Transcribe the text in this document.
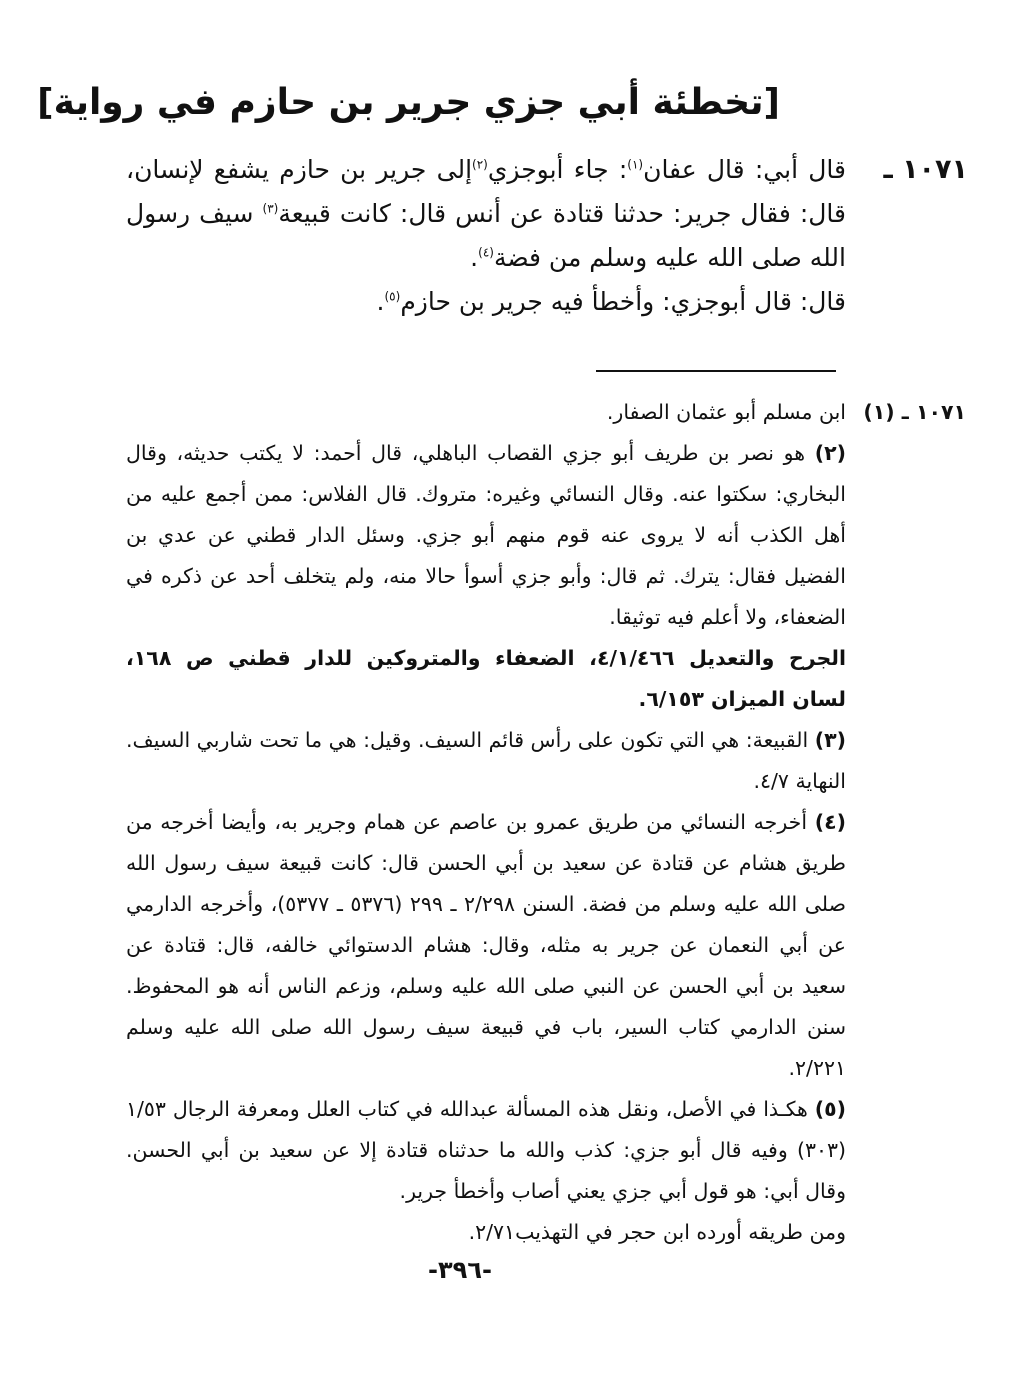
[تخطئة أبي جزي جرير بن حازم في رواية]
١٠٧١ ـ

قال أبي: قال عفان$^{(١)}$: جاء أبوجزي$^{(٢)}$إلى جرير بن حازم يشفع لإنسان، قال: فقال جرير: حدثنا قتادة عن أنس قال: كانت قبيعة$^{(٣)}$ سيف رسول الله صلى الله عليه وسلم من فضة$^{(٤)}$.

قال: قال أبوجزي: وأخطأ فيه جرير بن حازم$^{(٥)}$.

١٠٧١ ـ (١)

ابن مسلم أبو عثمان الصفار.

(٢) هو نصر بن طريف أبو جزي القصاب الباهلي، قال أحمد: لا يكتب حديثه، وقال البخاري: سكتوا عنه. وقال النسائي وغيره: متروك. قال الفلاس: ممن أجمع عليه من أهل الكذب أنه لا يروى عنه قوم منهم أبو جزي. وسئل الدار قطني عن عدي بن الفضيل فقال: يترك. ثم قال: وأبو جزي أسوأ حالا منه، ولم يتخلف أحد عن ذكره في الضعفاء، ولا أعلم فيه توثيقا.

الجرح والتعديل ٤/١/٤٦٦، الضعفاء والمتروكين للدار قطني ص ١٦٨، لسان الميزان ٦/١٥٣.

(٣) القبيعة: هي التي تكون على رأس قائم السيف. وقيل: هي ما تحت شاربي السيف. النهاية ٤/٧.

(٤) أخرجه النسائي من طريق عمرو بن عاصم عن همام وجرير به، وأيضا أخرجه من طريق هشام عن قتادة عن سعيد بن أبي الحسن قال: كانت قبيعة سيف رسول الله صلى الله عليه وسلم من فضة. السنن ٢/٢٩٨ ـ ٢٩٩ (٥٣٧٦ ـ ٥٣٧٧)، وأخرجه الدارمي عن أبي النعمان عن جرير به مثله، وقال: هشام الدستوائي خالفه، قال: قتادة عن سعيد بن أبي الحسن عن النبي صلى الله عليه وسلم، وزعم الناس أنه هو المحفوظ. سنن الدارمي كتاب السير، باب في قبيعة سيف رسول الله صلى الله عليه وسلم ٢/٢٢١.

(٥) هكـذا في الأصل، ونقل هذه المسألة عبدالله في كتاب العلل ومعرفة الرجال ١/٥٣ (٣٠٣) وفيه قال أبو جزي: كذب والله ما حدثناه قتادة إلا عن سعيد بن أبي الحسن. وقال أبي: هو قول أبي جزي يعني أصاب وأخطأ جرير.

ومن طريقه أورده ابن حجر في التهذيب٢/٧١.

-٣٩٦-
